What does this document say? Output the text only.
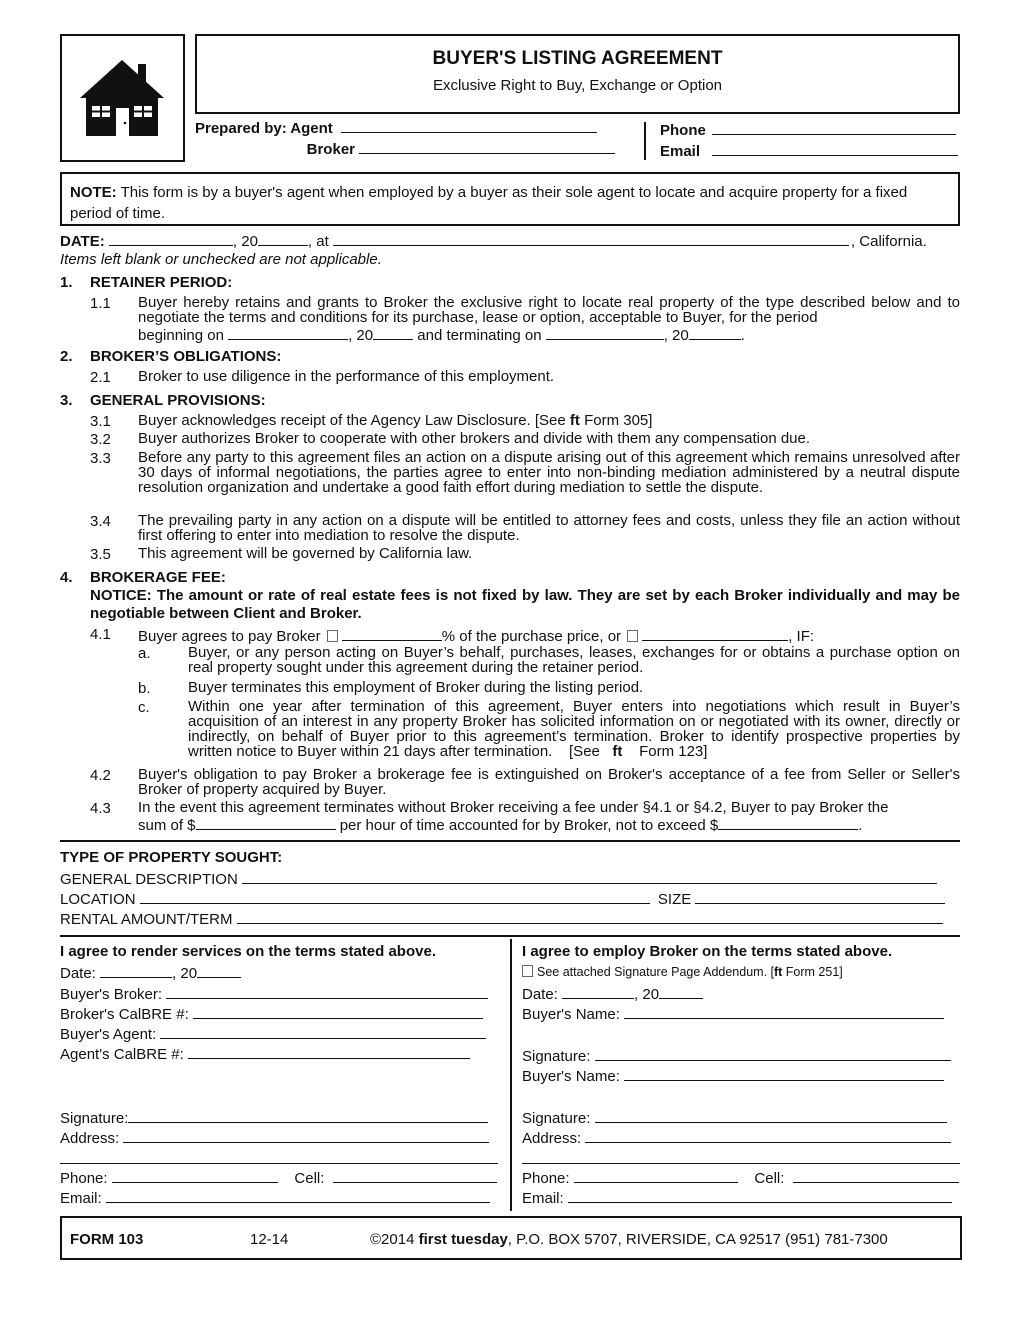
BUYER'S LISTING AGREEMENT
Exclusive Right to Buy, Exchange or Option
Prepared by: Agent
Broker
Phone
Email
NOTE: This form is by a buyer's agent when employed by a buyer as their sole agent to locate and acquire property for a fixed period of time.
DATE:	, 20	, at	, California.
Items left blank or unchecked are not applicable.
1. RETAINER PERIOD:
1.1 Buyer hereby retains and grants to Broker the exclusive right to locate real property of the type described below and to negotiate the terms and conditions for its purchase, lease or option, acceptable to Buyer, for the period
beginning on	, 20	and terminating on	, 20	.
2. BROKER’S OBLIGATIONS:
2.1 Broker to use diligence in the performance of this employment.
3. GENERAL PROVISIONS:
3.1 Buyer acknowledges receipt of the Agency Law Disclosure. [See ft Form 305]
3.2 Buyer authorizes Broker to cooperate with other brokers and divide with them any compensation due.
3.3 Before any party to this agreement files an action on a dispute arising out of this agreement which remains unresolved after 30 days of informal negotiations, the parties agree to enter into non-binding mediation administered by a neutral dispute resolution organization and undertake a good faith effort during mediation to settle the dispute.
3.4 The prevailing party in any action on a dispute will be entitled to attorney fees and costs, unless they file an action without first offering to enter into mediation to resolve the dispute.
3.5 This agreement will be governed by California law.
4. BROKERAGE FEE:
NOTICE: The amount or rate of real estate fees is not fixed by law. They are set by each Broker individually and may be negotiable between Client and Broker.
4.1 Buyer agrees to pay Broker	% of the purchase price, or	, IF:
a. Buyer, or any person acting on Buyer’s behalf, purchases, leases, exchanges for or obtains a purchase option on real property sought under this agreement during the retainer period.
b. Buyer terminates this employment of Broker during the listing period.
c.	Within one year after termination of this agreement, Buyer enters into negotiations which result in Buyer’s acquisition of an interest in any property Broker has solicited information on or negotiated with its owner, directly or indirectly, on behalf of Buyer prior to this agreement’s termination. Broker to identify prospective properties by written notice to Buyer within 21 days after termination. [See ft Form 123]
4.2 Buyer's obligation to pay Broker a brokerage fee is extinguished on Broker's acceptance of a fee from Seller or Seller's Broker of property acquired by Buyer.
4.3 In the event this agreement terminates without Broker receiving a fee under §4.1 or §4.2, Buyer to pay Broker the
sum of $	per hour of time accounted for by Broker, not to exceed $	.
TYPE OF PROPERTY SOUGHT:
GENERAL DESCRIPTION
LOCATION	SIZE
RENTAL AMOUNT/TERM
I agree to render services on the terms stated above.
Date:	, 20
Buyer's Broker:
Broker's CalBRE #:
Buyer's Agent:
Agent's CalBRE #:
Signature:
Address:
Phone:	Cell:
Email:
I agree to employ Broker on the terms stated above.
See attached Signature Page Addendum. [ft Form 251]
Date:	, 20
Buyer's Name:
Signature:
Buyer's Name:
Signature:
Address:
Phone:	Cell:
Email:
FORM 103	12-14	©2014 first tuesday, P.O. BOX 5707, RIVERSIDE, CA 92517 (951) 781-7300
